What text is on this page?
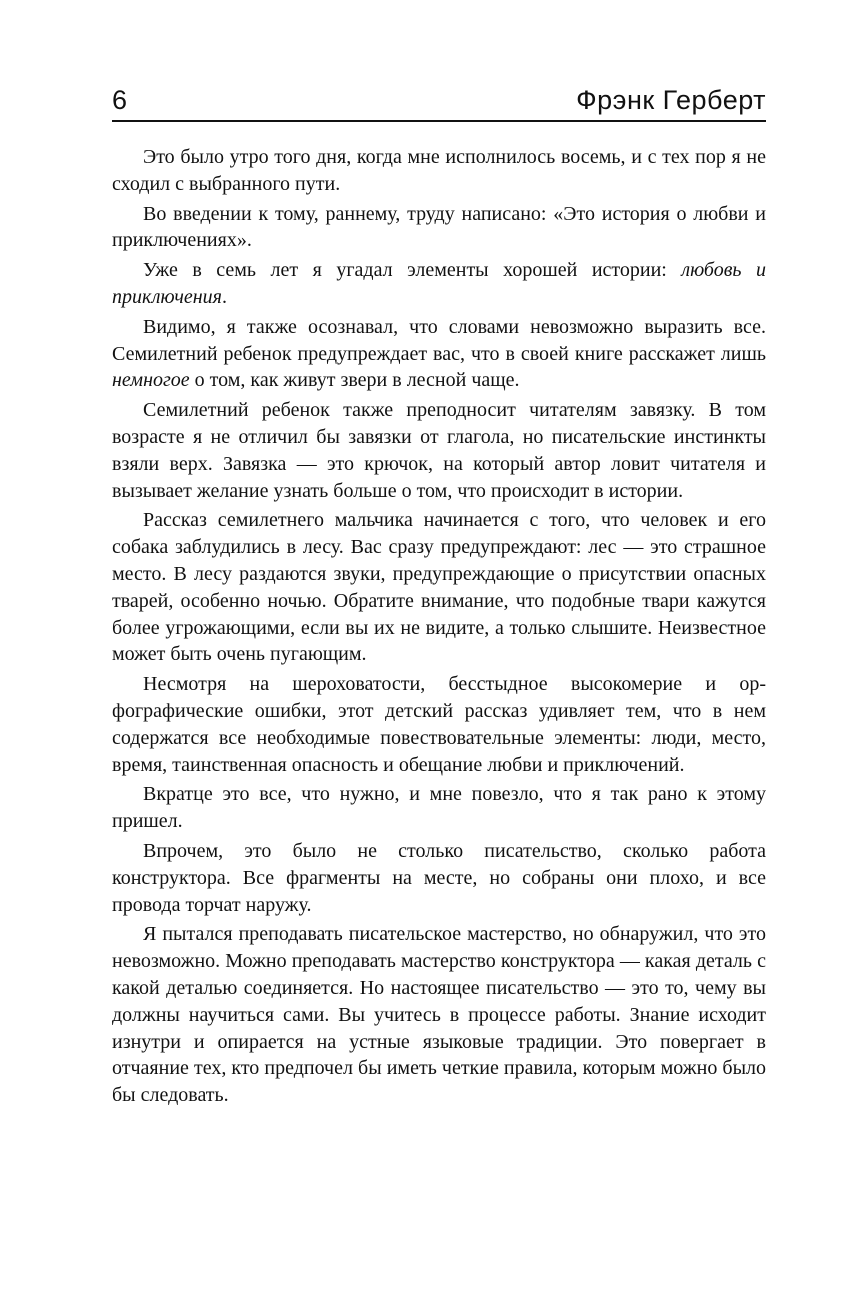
6	Фрэнк Герберт

Это было утро того дня, когда мне исполнилось восемь, и с тех пор я не сходил с выбранного пути.

Во введении к тому, раннему, труду написано: «Это история о любви и приключениях».

Уже в семь лет я угадал элементы хорошей истории: любовь и приключения.

Видимо, я также осознавал, что словами невозможно выразить все. Семилетний ребенок предупреждает вас, что в своей книге расскажет лишь немногое о том, как живут звери в лесной чаще.

Семилетний ребенок также преподносит читателям завязку. В том возрасте я не отличил бы завязки от глагола, но писательские инстинкты взяли верх. Завязка — это крючок, на который автор ловит читателя и вызывает желание узнать больше о том, что происходит в истории.

Рассказ семилетнего мальчика начинается с того, что человек и его собака заблудились в лесу. Вас сразу предупреждают: лес — это страшное место. В лесу раздаются звуки, предупреждающие о присутствии опасных тварей, особенно ночью. Обратите внимание, что подобные твари кажутся более угрожающими, если вы их не видите, а только слышите. Неизвестное может быть очень пугающим.

Несмотря на шероховатости, бесстыдное высокомерие и орфографические ошибки, этот детский рассказ удивляет тем, что в нем содержатся все необходимые повествовательные элементы: люди, место, время, таинственная опасность и обещание любви и приключений.

Вкратце это все, что нужно, и мне повезло, что я так рано к этому пришел.

Впрочем, это было не столько писательство, сколько работа конструктора. Все фрагменты на месте, но собраны они плохо, и все провода торчат наружу.

Я пытался преподавать писательское мастерство, но обнаружил, что это невозможно. Можно преподавать мастерство конструктора — какая деталь с какой деталью соединяется. Но настоящее писательство — это то, чему вы должны научиться сами. Вы учитесь в процессе работы. Знание исходит изнутри и опирается на устные языковые традиции. Это повергает в отчаяние тех, кто предпочел бы иметь четкие правила, которым можно было бы следовать.
